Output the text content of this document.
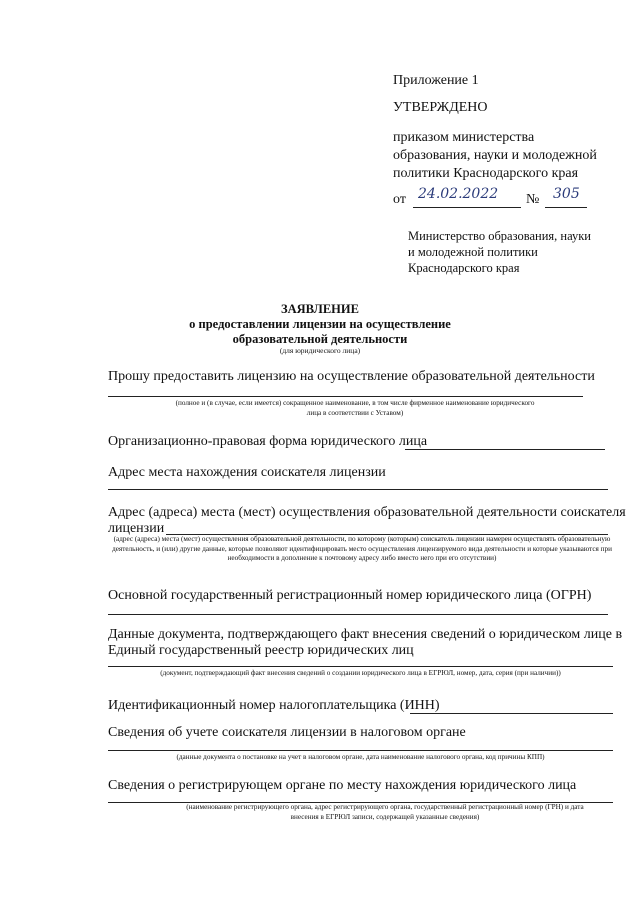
Приложение 1
УТВЕРЖДЕНО
приказом министерства
образования, науки и молодежной
политики Краснодарского края
от 24.02.2022 № 305
Министерство образования, науки
и молодежной политики
Краснодарского края
ЗАЯВЛЕНИЕ
о предоставлении лицензии на осуществление
образовательной деятельности
(для юридического лица)
Прошу предоставить лицензию на осуществление образовательной деятельности
(полное и (в случае, если имеется) сокращенное наименование, в том числе фирменное наименование юридического лица в соответствии с Уставом)
Организационно-правовая форма юридического лица
Адрес места нахождения соискателя лицензии
Адрес (адреса) места (мест) осуществления образовательной деятельности соискателя
лицензии
(адрес (адреса) места (мест) осуществления образовательной деятельности, по которому (которым) соискатель лицензии намерен осуществлять образовательную деятельность, и (или) другие данные, которые позволяют идентифицировать место осуществления лицензируемого вида деятельности и которые указываются при необходимости в дополнение к почтовому адресу либо вместо него при его отсутствии)
Основной государственный регистрационный номер юридического лица (ОГРН)
Данные документа, подтверждающего факт внесения сведений о юридическом лице в
Единый государственный реестр юридических лиц
(документ, подтверждающий факт внесения сведений о создании юридического лица в ЕГРЮЛ, номер, дата, серия (при наличии))
Идентификационный номер налогоплательщика (ИНН)
Сведения об учете соискателя лицензии в налоговом органе
(данные документа о постановке на учет в налоговом органе, дата наименование налогового органа, код причины КПП)
Сведения о регистрирующем органе по месту нахождения юридического лица
(наименование регистрирующего органа, адрес регистрирующего органа, государственный регистрационный номер (ГРН) и дата внесения в ЕГРЮЛ записи, содержащей указанные сведения)
